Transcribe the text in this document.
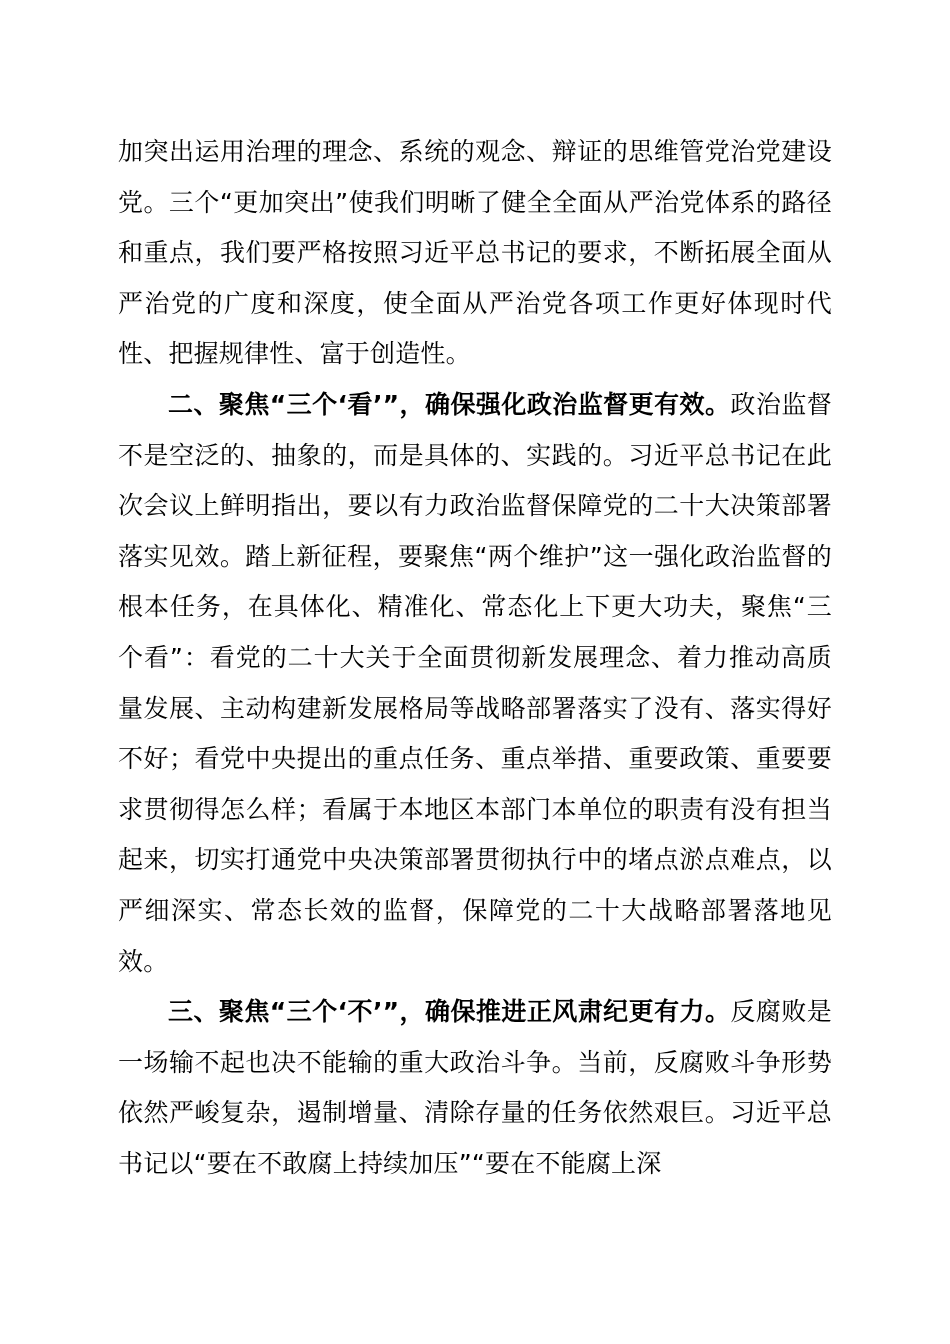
加突出运用治理的理念、系统的观念、辩证的思维管党治党建设党。三个“更加突出”使我们明晰了健全全面从严治党体系的路径和重点，我们要严格按照习近平总书记的要求，不断拓展全面从严治党的广度和深度，使全面从严治党各项工作更好体现时代性、把握规律性、富于创造性。

二、聚焦“三个‘看’”，确保强化政治监督更有效。政治监督不是空泛的、抽象的，而是具体的、实践的。习近平总书记在此次会议上鲜明指出，要以有力政治监督保障党的二十大决策部署落实见效。踏上新征程，要聚焦“两个维护”这一强化政治监督的根本任务，在具体化、精准化、常态化上下更大功夫，聚焦“三个看”：看党的二十大关于全面贯彻新发展理念、着力推动高质量发展、主动构建新发展格局等战略部署落实了没有、落实得好不好；看党中央提出的重点任务、重点举措、重要政策、重要要求贯彻得怎么样；看属于本地区本部门本单位的职责有没有担当起来，切实打通党中央决策部署贯彻执行中的堵点淤点难点，以严细深实、常态长效的监督，保障党的二十大战略部署落地见效。

三、聚焦“三个‘不’”，确保推进正风肃纪更有力。反腐败是一场输不起也决不能输的重大政治斗争。当前，反腐败斗争形势依然严峻复杂，遏制增量、清除存量的任务依然艰巨。习近平总书记以“要在不敢腐上持续加压”“要在不能腐上深
